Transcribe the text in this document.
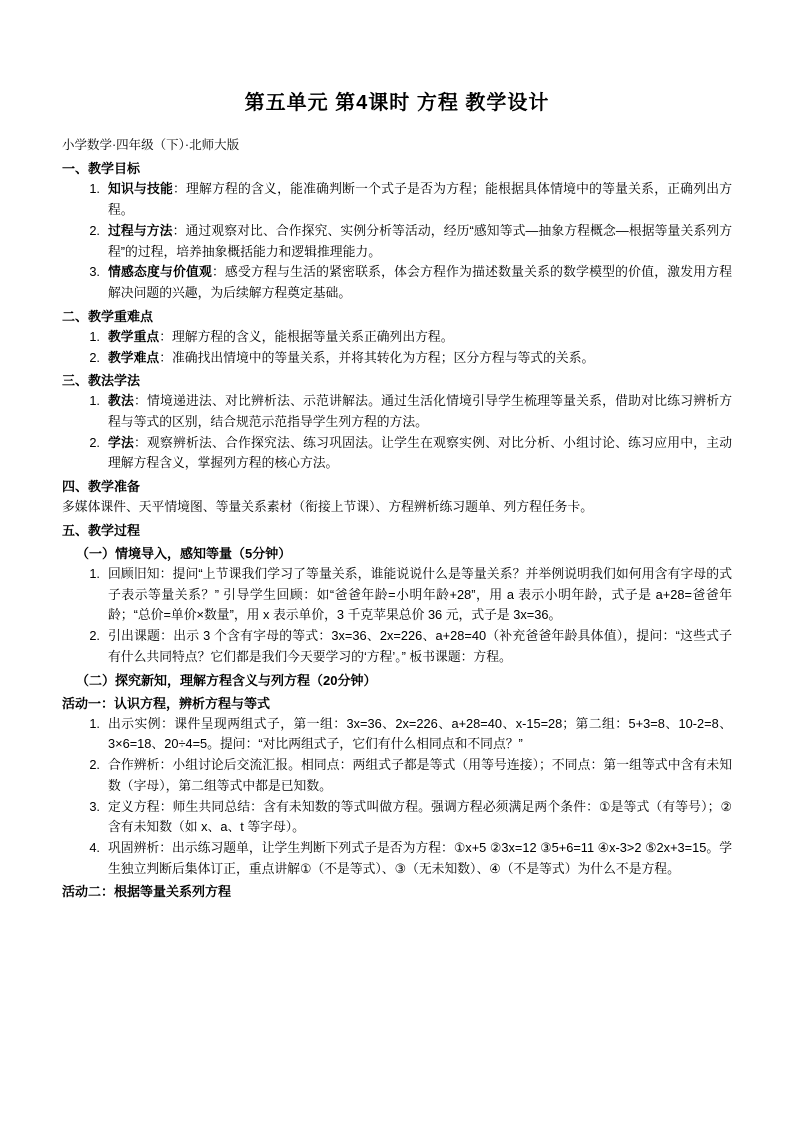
第五单元 第4课时 方程 教学设计

小学数学·四年级（下）·北师大版

一、教学目标
1. 知识与技能：理解方程的含义，能准确判断一个式子是否为方程；能根据具体情境中的等量关系，正确列出方程。
2. 过程与方法：通过观察对比、合作探究、实例分析等活动，经历“感知等式—抽象方程概念—根据等量关系列方程”的过程，培养抽象概括能力和逻辑推理能力。
3. 情感态度与价值观：感受方程与生活的紧密联系，体会方程作为描述数量关系的数学模型的价值，激发用方程解决问题的兴趣，为后续解方程奠定基础。
二、教学重难点
1. 教学重点：理解方程的含义，能根据等量关系正确列出方程。
2. 教学难点：准确找出情境中的等量关系，并将其转化为方程；区分方程与等式的关系。
三、教法学法
1. 教法：情境递进法、对比辨析法、示范讲解法。通过生活化情境引导学生梳理等量关系，借助对比练习辨析方程与等式的区别，结合规范示范指导学生列方程的方法。
2. 学法：观察辨析法、合作探究法、练习巩固法。让学生在观察实例、对比分析、小组讨论、练习应用中，主动理解方程含义，掌握列方程的核心方法。
四、教学准备

多媒体课件、天平情境图、等量关系素材（衔接上节课）、方程辨析练习题单、列方程任务卡。

五、教学过程
（一）情境导入，感知等量（5分钟）
1. 回顾旧知：提问“上节课我们学习了等量关系，谁能说说什么是等量关系？并举例说明我们如何用含有字母的式子表示等量关系？” 引导学生回顾：如“爸爸年龄=小明年龄+28”，用 a 表示小明年龄，式子是 a+28=爸爸年龄；“总价=单价×数量”，用 x 表示单价，3 千克苹果总价 36 元，式子是 3x=36。
2. 引出课题：出示 3 个含有字母的等式：3x=36、2x=226、a+28=40（补充爸爸年龄具体值），提问：“这些式子有什么共同特点？它们都是我们今天要学习的‘方程’。” 板书课题：方程。
（二）探究新知，理解方程含义与列方程（20分钟）
活动一：认识方程，辨析方程与等式
1. 出示实例：课件呈现两组式子，第一组：3x=36、2x=226、a+28=40、x-15=28；第二组：5+3=8、10-2=8、3×6=18、20÷4=5。提问：“对比两组式子，它们有什么相同点和不同点？”
2. 合作辨析：小组讨论后交流汇报。相同点：两组式子都是等式（用等号连接）；不同点：第一组等式中含有未知数（字母），第二组等式中都是已知数。
3. 定义方程：师生共同总结：含有未知数的等式叫做方程。强调方程必须满足两个条件：①是等式（有等号）；②含有未知数（如 x、a、t 等字母）。
4. 巩固辨析：出示练习题单，让学生判断下列式子是否为方程：①x+5 ②3x=12 ③5+6=11 ④x-3>2 ⑤2x+3=15。学生独立判断后集体订正，重点讲解①（不是等式）、③（无未知数）、④（不是等式）为什么不是方程。
活动二：根据等量关系列方程
